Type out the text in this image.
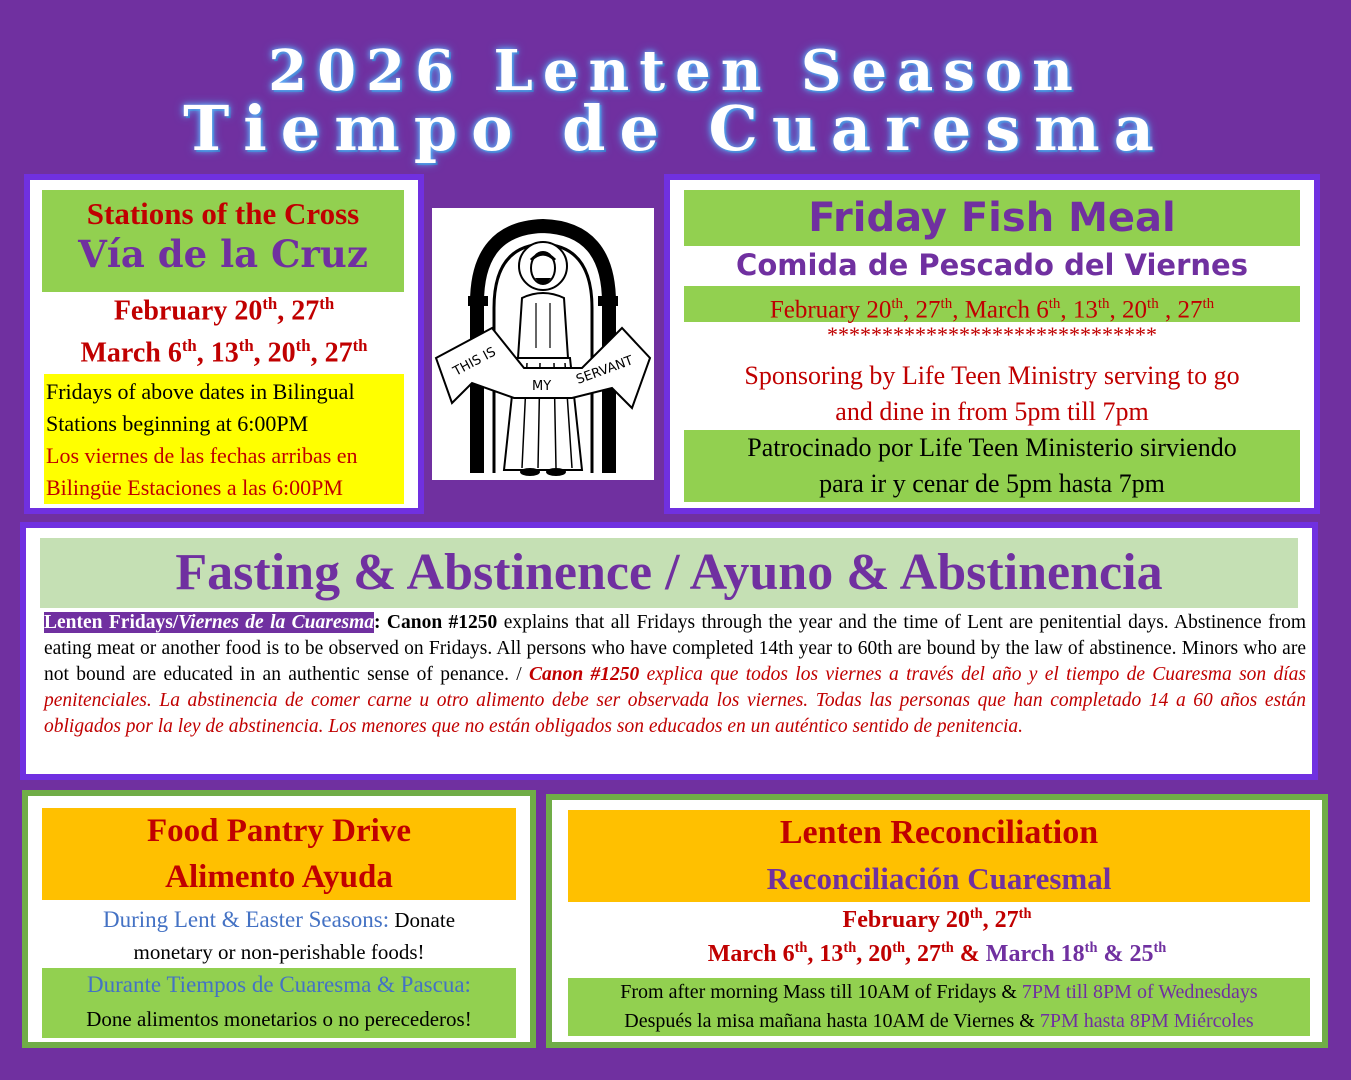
2026 Lenten Season
Tiempo de Cuaresma
Stations of the Cross
Vía de la Cruz
February 20th, 27th
March 6th, 13th, 20th, 27th
Fridays of above dates in Bilingual
Stations beginning at 6:00PM
Los viernes de las fechas arribas en
Bilingüe Estaciones a las 6:00PM
THIS IS
MY SERVANT
Friday Fish Meal
Comida de Pescado del Viernes
February 20th, 27th, March 6th, 13th, 20th , 27th
******************************
Sponsoring by Life Teen Ministry serving to go
and dine in from 5pm till 7pm
Patrocinado por Life Teen Ministerio sirviendo
para ir y cenar de 5pm hasta 7pm
Fasting & Abstinence / Ayuno & Abstinencia
Lenten Fridays/Viernes de la Cuaresma: Canon #1250 explains that all Fridays through the year and the time of Lent are penitential days. Abstinence from eating meat or another food is to be observed on Fridays. All persons who have completed 14th year to 60th are bound by the law of abstinence. Minors who are not bound are educated in an authentic sense of penance. / Canon #1250 explica que todos los viernes a través del año y el tiempo de Cuaresma son días penitenciales. La abstinencia de comer carne u otro alimento debe ser observada los viernes. Todas las personas que han completado 14 a 60 años están obligados por la ley de abstinencia. Los menores que no están obligados son educados en un auténtico sentido de penitencia.
Food Pantry Drive
Alimento Ayuda
During Lent & Easter Seasons: Donate
monetary or non-perishable foods!
Durante Tiempos de Cuaresma & Pascua:
Done alimentos monetarios o no perecederos!
Lenten Reconciliation
Reconciliación Cuaresmal
February 20th, 27th
March 6th, 13th, 20th, 27th & March 18th & 25th
From after morning Mass till 10AM of Fridays & 7PM till 8PM of Wednesdays
Después la misa mañana hasta 10AM de Viernes & 7PM hasta 8PM Miércoles
